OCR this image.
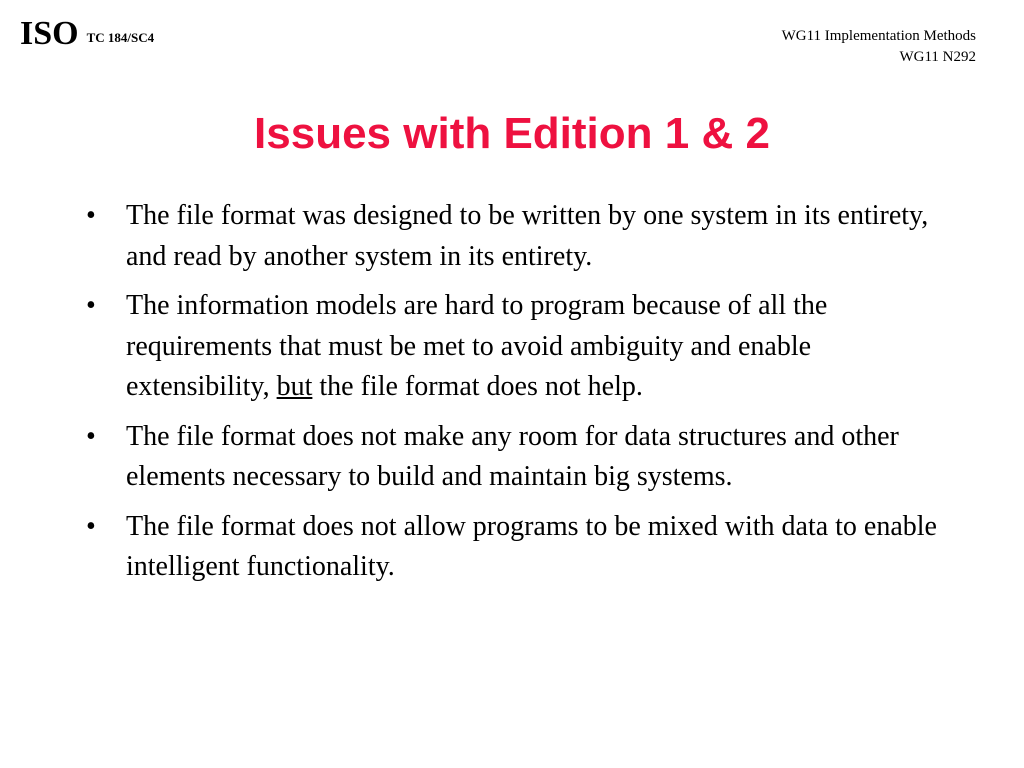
ISO TC 184/SC4	WG11 Implementation Methods
WG11 N292
Issues with Edition 1 & 2
• The file format was designed to be written by one system in its entirety, and read by another system in its entirety.
• The information models are hard to program because of all the requirements that must be met to avoid ambiguity and enable extensibility, but the file format does not help.
• The file format does not make any room for data structures and other elements necessary to build and maintain big systems.
• The file format does not allow programs to be mixed with data to enable intelligent functionality.
